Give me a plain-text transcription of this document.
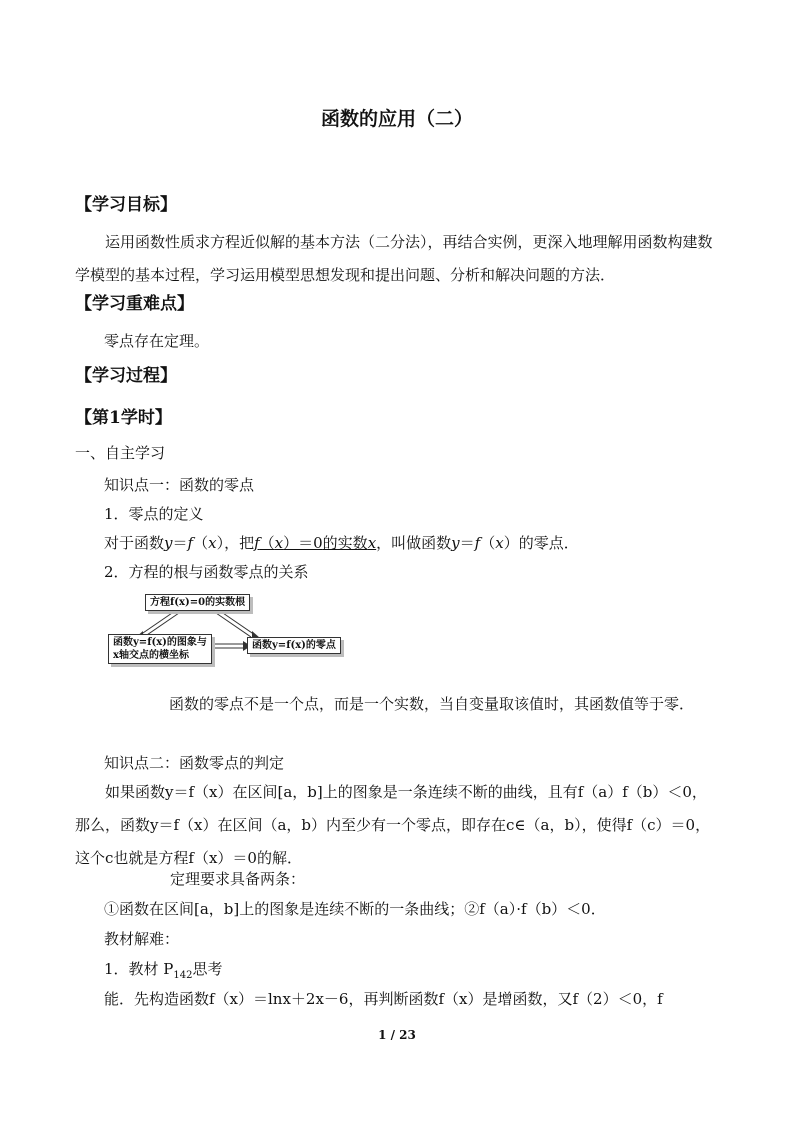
函数的应用（二）
【学习目标】
运用函数性质求方程近似解的基本方法（二分法），再结合实例，更深入地理解用函数构建数学模型的基本过程，学习运用模型思想发现和提出问题、分析和解决问题的方法．
【学习重难点】
零点存在定理。
【学习过程】
【第1学时】
一、自主学习
知识点一：函数的零点
1．零点的定义
对于函数y＝f（x），把f（x）＝0的实数x，叫做函数y＝f（x）的零点．
2．方程的根与函数零点的关系
方程f(x)=0的实数根
函数y=f(x)的图象与
x轴交点的横坐标
函数y=f(x)的零点
函数的零点不是一个点，而是一个实数，当自变量取该值时，其函数值等于零．
知识点二：函数零点的判定
如果函数y＝f（x）在区间[a，b]上的图象是一条连续不断的曲线，且有f（a）f（b）＜0，那么，函数y＝f（x）在区间（a，b）内至少有一个零点，即存在c∈（a，b），使得f（c）＝0，这个c也就是方程f（x）＝0的解．
定理要求具备两条：
①函数在区间[a，b]上的图象是连续不断的一条曲线；②f（a）·f（b）＜0．
教材解难：
1．教材 $P_{142}$思考
能．先构造函数f（x）＝lnx＋2x－6，再判断函数f（x）是增函数，又f（2）＜0，f
1 / 23
